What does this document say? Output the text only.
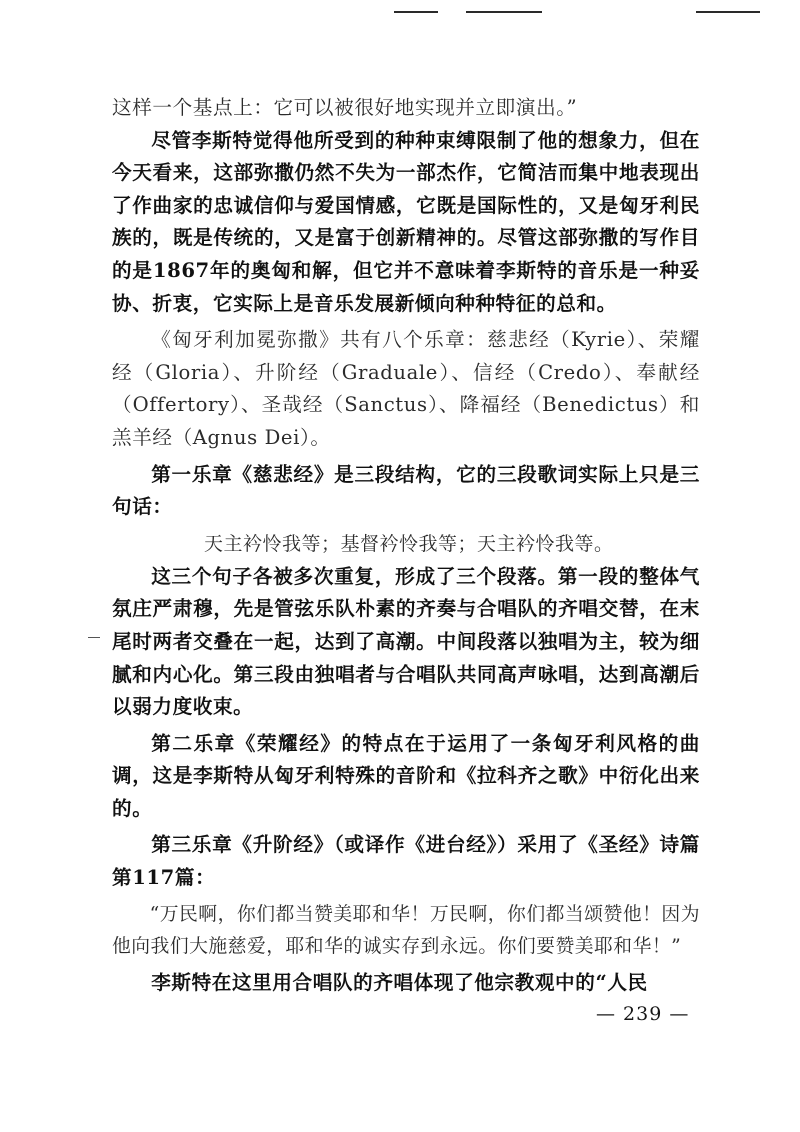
这样一个基点上：它可以被很好地实现并立即演出。”

尽管李斯特觉得他所受到的种种束缚限制了他的想象力，但在今天看来，这部弥撒仍然不失为一部杰作，它简洁而集中地表现出了作曲家的忠诚信仰与爱国情感，它既是国际性的，又是匈牙利民族的，既是传统的，又是富于创新精神的。尽管这部弥撒的写作目的是1867年的奥匈和解，但它并不意味着李斯特的音乐是一种妥协、折衷，它实际上是音乐发展新倾向种种特征的总和。

《匈牙利加冕弥撒》共有八个乐章：慈悲经（Kyrie）、荣耀经（Gloria）、升阶经（Graduale）、信经（Credo）、奉献经（Offertory）、圣哉经（Sanctus）、降福经（Benedictus）和羔羊经（Agnus Dei）。

第一乐章《慈悲经》是三段结构，它的三段歌词实际上只是三句话：

天主衿怜我等；基督衿怜我等；天主衿怜我等。

这三个句子各被多次重复，形成了三个段落。第一段的整体气氛庄严肃穆，先是管弦乐队朴素的齐奏与合唱队的齐唱交替，在末尾时两者交叠在一起，达到了高潮。中间段落以独唱为主，较为细腻和内心化。第三段由独唱者与合唱队共同高声咏唱，达到高潮后以弱力度收束。

第二乐章《荣耀经》的特点在于运用了一条匈牙利风格的曲调，这是李斯特从匈牙利特殊的音阶和《拉科齐之歌》中衍化出来的。

第三乐章《升阶经》（或译作《进台经》）采用了《圣经》诗篇第117篇：

“万民啊，你们都当赞美耶和华！万民啊，你们都当颂赞他！因为他向我们大施慈爱，耶和华的诚实存到永远。你们要赞美耶和华！”

李斯特在这里用合唱队的齐唱体现了他宗教观中的“人民

— 239 —
